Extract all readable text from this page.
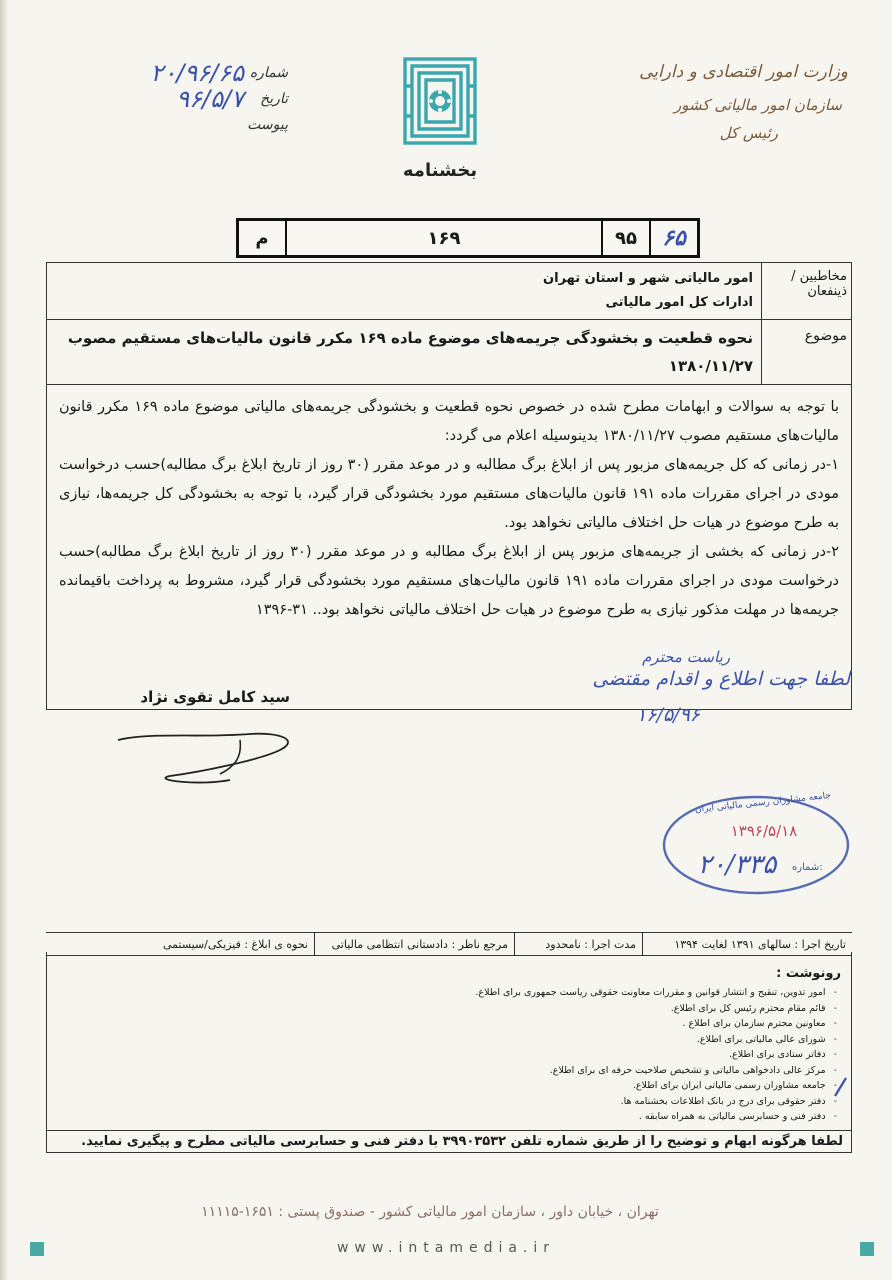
وزارت امور اقتصادی و دارایی
سازمان امور مالیاتی کشور
رئیس کل
شماره
۲۰/۹۶/۶۵
تاریخ
۹۶/۵/۷
پیوست
بخشنامه
۶۵
۹۵
۱۶۹
م
مخاطبین / ذینفعان
امور مالیاتی شهر و استان تهران
ادارات کل امور مالیاتی
موضوع
نحوه قطعیت و بخشودگی جریمه‌های موضوع ماده ۱۶۹ مکرر قانون مالیات‌های مستقیم مصوب ۱۳۸۰/۱۱/۲۷

با توجه به سوالات و ابهامات مطرح شده در خصوص نحوه قطعیت و بخشودگی جریمه‌های مالیاتی موضوع ماده ۱۶۹ مکرر قانون مالیات‌های مستقیم مصوب ۱۳۸۰/۱۱/۲۷ بدینوسیله اعلام می گردد:

۱-در زمانی که کل جریمه‌های مزبور پس از ابلاغ برگ مطالبه و در موعد مقرر (۳۰ روز از تاریخ ابلاغ برگ مطالبه)حسب درخواست مودی در اجرای مقررات ماده ۱۹۱ قانون مالیات‌های مستقیم مورد بخشودگی قرار گیرد، با توجه به بخشودگی کل جریمه‌ها، نیازی به طرح موضوع در هیات حل اختلاف مالیاتی نخواهد بود.

۲-در زمانی که بخشی از جریمه‌های مزبور پس از ابلاغ برگ مطالبه و در موعد مقرر (۳۰ روز از تاریخ ابلاغ برگ مطالبه)حسب درخواست مودی در اجرای مقررات ماده ۱۹۱ قانون مالیات‌های مستقیم مورد بخشودگی قرار گیرد، مشروط به پرداخت باقیمانده جریمه‌ها در مهلت مذکور نیازی به طرح موضوع در هیات حل اختلاف مالیاتی نخواهد بود.. ۳۱-۱۳۹۶

ریاست محترم
لطفا جهت اطلاع و اقدام مقتضی
۱۶/۵/۹۶
سید کامل تقوی نژاد
جامعه مشاوران رسمی مالیاتی ایران
۱۳۹۶/۵/۱۸
شماره:
۲۰/۳۳۵
تاریخ اجرا : سالهای ۱۳۹۱ لغایت ۱۳۹۴
مدت اجرا : نامحدود
مرجع ناظر : دادستانی انتظامی مالیاتی
نحوه ی ابلاغ : فیزیکی/سیستمی
رونوشت :
-
امور تدوین، تنقیح و انتشار قوانین و مقررات معاونت حقوقی ریاست جمهوری برای اطلاع.
-
قائم مقام محترم رئیس کل برای اطلاع.
-
معاونین محترم سازمان برای اطلاع .
-
شورای عالی مالیاتی برای اطلاع.
-
دفاتر ستادی برای اطلاع.
-
مرکز عالی دادخواهی مالیاتی و تشخیص صلاحیت حرفه ای برای اطلاع.
-
جامعه مشاوران رسمی مالیاتی ایران برای اطلاع.
-
دفتر حقوقی برای درج در بانک اطلاعات بخشنامه ها.
-
دفتر فنی و حسابرسی مالیاتی به همراه سابقه .
لطفا هرگونه ابهام و توضیح را از طریق شماره تلفن ۳۹۹۰۳۵۳۲ با دفتر فنی و حسابرسی مالیاتی مطرح و پیگیری نمایید.
تهران ، خیابان داور ، سازمان امور مالیاتی کشور - صندوق پستی : ۱۶۵۱-۱۱۱۱۵
www.intamedia.ir
